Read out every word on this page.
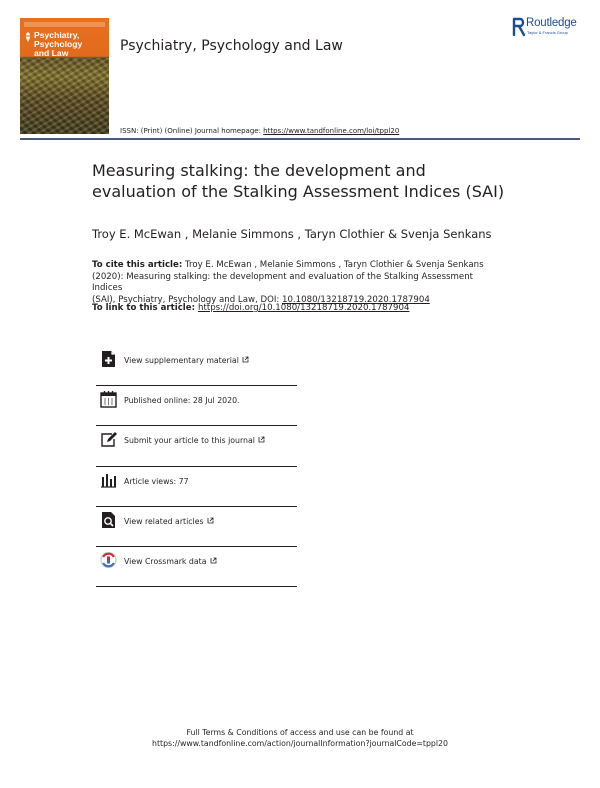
Psychiatry,
Psychology
and Law	Psychiatry, Psychology and Law
Routledge
Taylor & Francis Group
ISSN: (Print) (Online) Journal homepage: https://www.tandfonline.com/loi/tppl20
Measuring stalking: the development and
evaluation of the Stalking Assessment Indices (SAI)
Troy E. McEwan , Melanie Simmons , Taryn Clothier & Svenja Senkans
To cite this article: Troy E. McEwan , Melanie Simmons , Taryn Clothier & Svenja Senkans
(2020): Measuring stalking: the development and evaluation of the Stalking Assessment Indices
(SAI), Psychiatry, Psychology and Law, DOI: 10.1080/13218719.2020.1787904
To link to this article: https://doi.org/10.1080/13218719.2020.1787904
View supplementary material
Published online: 28 Jul 2020.
Submit your article to this journal
Article views: 77
View related articles
View Crossmark data
Full Terms & Conditions of access and use can be found at
https://www.tandfonline.com/action/journalInformation?journalCode=tppl20
